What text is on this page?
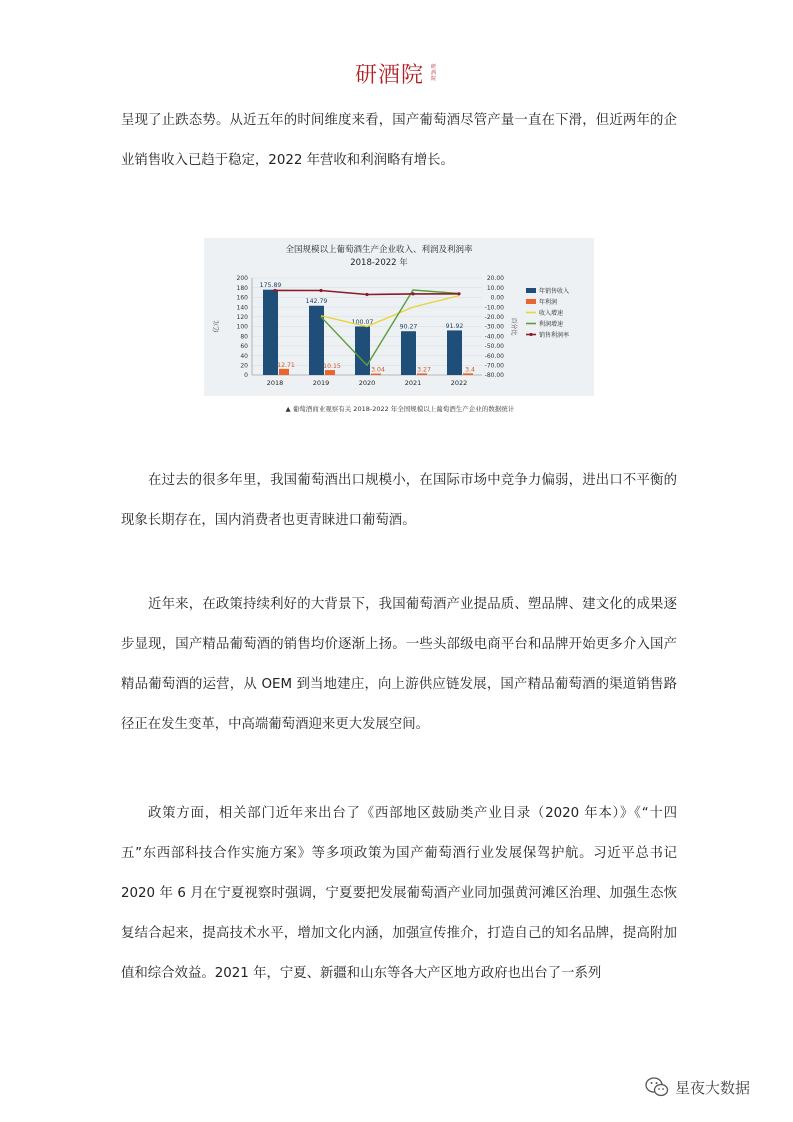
研酒院 研
酒
院

呈现了止跌态势。从近五年的时间维度来看，国产葡萄酒尽管产量一直在下滑，但近两年的企业销售收入已趋于稳定，2022 年营收和利润略有增长。

全国规模以上葡萄酒生产企业收入、利润及利润率
2018-2022 年
200
180
160
140
120
100
80
60
40
20
0
20.00
10.00
0.00
-10.00
-20.00
-30.00
-40.00
-50.00
-60.00
-70.00
-80.00
亿元	百分比
2018	2019	2020	2021	2022
175.89
142.79
100.07
90.27	91.92
12.71	10.15	3.04	3.27	3.4
年销售收入
年利润
收入增速
利润增速
销售利润率
▲ 葡萄酒商业观察有关 2018-2022 年全国规模以上葡萄酒生产企业的数据统计

在过去的很多年里，我国葡萄酒出口规模小，在国际市场中竞争力偏弱，进出口不平衡的现象长期存在，国内消费者也更青睐进口葡萄酒。

近年来，在政策持续利好的大背景下，我国葡萄酒产业提品质、塑品牌、建文化的成果逐步显现，国产精品葡萄酒的销售均价逐渐上扬。一些头部级电商平台和品牌开始更多介入国产精品葡萄酒的运营，从 OEM 到当地建庄，向上游供应链发展，国产精品葡萄酒的渠道销售路径正在发生变革，中高端葡萄酒迎来更大发展空间。

政策方面，相关部门近年来出台了《西部地区鼓励类产业目录（2020 年本）》《“十四五”东西部科技合作实施方案》等多项政策为国产葡萄酒行业发展保驾护航。习近平总书记 2020 年 6 月在宁夏视察时强调，宁夏要把发展葡萄酒产业同加强黄河滩区治理、加强生态恢复结合起来，提高技术水平，增加文化内涵，加强宣传推介，打造自己的知名品牌，提高附加值和综合效益。2021 年，宁夏、新疆和山东等各大产区地方政府也出台了一系列

星夜大数据
